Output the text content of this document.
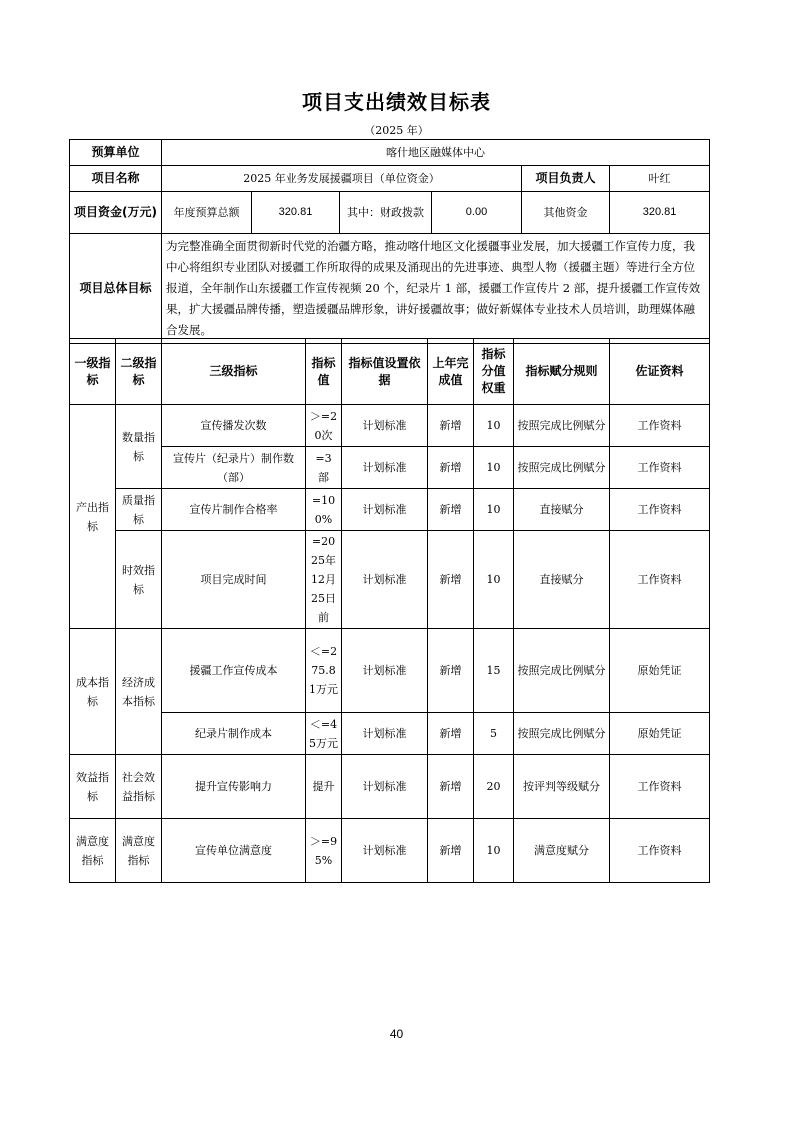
项目支出绩效目标表
（2025 年）
预算单位	喀什地区融媒体中心					
项目名称	2025 年业务发展援疆项目（单位资金）				项目负责人	叶红
项目资金(万元)	年度预算总额	320.81	其中：财政拨款	0.00	其他资金	320.81
项目总体目标	为完整准确全面贯彻新时代党的治疆方略，推动喀什地区文化援疆事业发展，加大援疆工作宣传力度，我中心将组织专业团队对援疆工作所取得的成果及涌现出的先进事迹、典型人物（援疆主题）等进行全方位报道，全年制作山东援疆工作宣传视频 20 个，纪录片 1 部，援疆工作宣传片 2 部，提升援疆工作宣传效果，扩大援疆品牌传播，塑造援疆品牌形象，讲好援疆故事；做好新媒体专业技术人员培训，助理媒体融合发展。					
一级指标	二级指标	三级指标	指标值	指标值设置依据	上年完成值	指标分值权重	指标赋分规则	佐证资料
产出指标	数量指标	宣传播发次数	＞=20次	计划标准	新增	10	按照完成比例赋分	工作资料
		宣传片（纪录片）制作数（部）	=3 部	计划标准	新增	10	按照完成比例赋分	工作资料
	质量指标	宣传片制作合格率	=100%	计划标准	新增	10	直接赋分	工作资料
	时效指标	项目完成时间	=2025年12月25日前	计划标准	新增	10	直接赋分	工作资料
成本指标	经济成本指标	援疆工作宣传成本	＜=275.81万元	计划标准	新增	15	按照完成比例赋分	原始凭证
		纪录片制作成本	＜=45万元	计划标准	新增	5	按照完成比例赋分	原始凭证
效益指标	社会效益指标	提升宣传影响力	提升	计划标准	新增	20	按评判等级赋分	工作资料
满意度指标	满意度指标	宣传单位满意度	＞=95%	计划标准	新增	10	满意度赋分	工作资料
40
